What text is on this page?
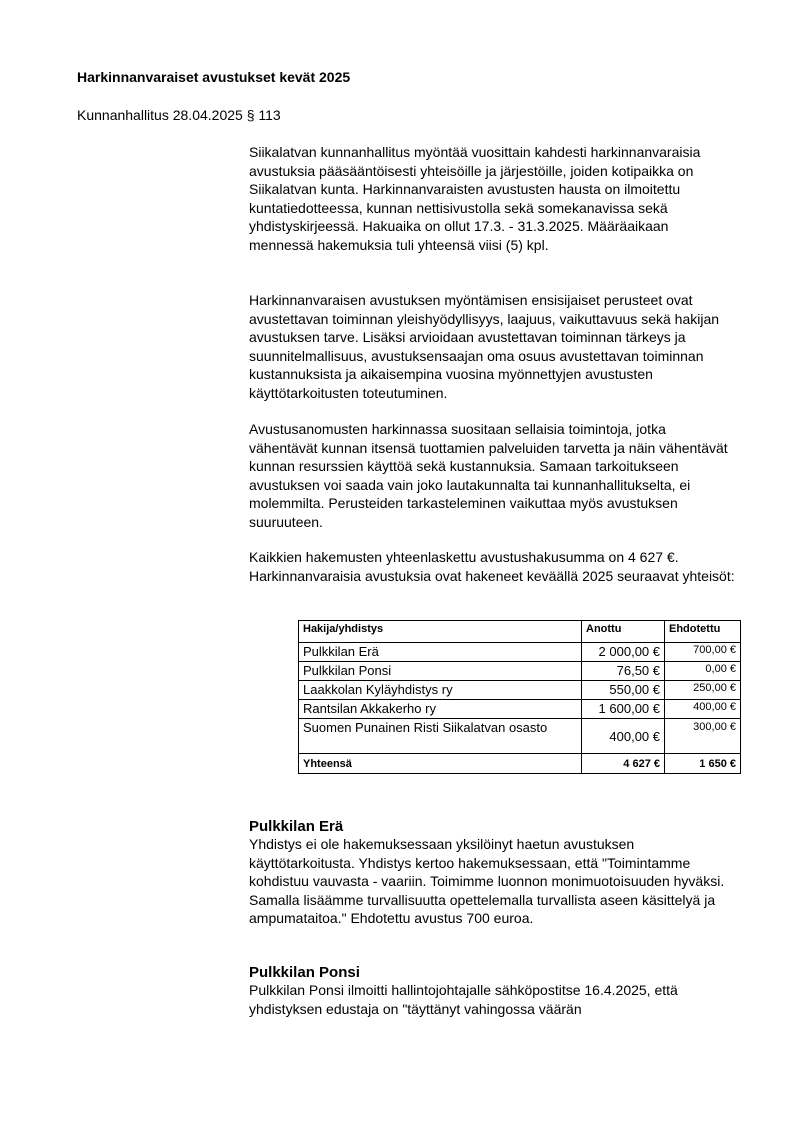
Harkinnanvaraiset avustukset kevät 2025
Kunnanhallitus 28.04.2025 § 113

Siikalatvan kunnanhallitus myöntää vuosittain kahdesti harkinnanvaraisia avustuksia pääsääntöisesti yhteisöille ja järjestöille, joiden kotipaikka on Siikalatvan kunta. Harkinnanvaraisten avustusten hausta on ilmoitettu kuntatiedotteessa, kunnan nettisivustolla sekä somekanavissa sekä yhdistyskirjeessä. Hakuaika on ollut 17.3. - 31.3.2025. Määräaikaan mennessä hakemuksia tuli yhteensä viisi (5) kpl.

Harkinnanvaraisen avustuksen myöntämisen ensisijaiset perusteet ovat avustettavan toiminnan yleishyödyllisyys, laajuus, vaikuttavuus sekä hakijan avustuksen tarve. Lisäksi arvioidaan avustettavan toiminnan tärkeys ja suunnitelmallisuus, avustuksensaajan oma osuus avustettavan toiminnan kustannuksista ja aikaisempina vuosina myönnettyjen avustusten käyttötarkoitusten toteutuminen.

Avustusanomusten harkinnassa suositaan sellaisia toimintoja, jotka vähentävät kunnan itsensä tuottamien palveluiden tarvetta ja näin vähentävät kunnan resurssien käyttöä sekä kustannuksia. Samaan tarkoitukseen avustuksen voi saada vain joko lautakunnalta tai kunnanhallitukselta, ei molemmilta. Perusteiden tarkasteleminen vaikuttaa myös avustuksen suuruuteen.

Kaikkien hakemusten yhteenlaskettu avustushakusumma on 4 627 €. Harkinnanvaraisia avustuksia ovat hakeneet keväällä 2025 seuraavat yhteisöt:

Hakija/yhdistys	Anottu	Ehdotettu
Pulkkilan Erä	2 000,00 €	700,00 €
Pulkkilan Ponsi	76,50 €	0,00 €
Laakkolan Kyläyhdistys ry	550,00 €	250,00 €
Rantsilan Akkakerho ry	1 600,00 €	400,00 €
Suomen Punainen Risti Siikalatvan osasto	400,00 €	300,00 €
Yhteensä	4 627 €	1 650 €
Pulkkilan Erä

Yhdistys ei ole hakemuksessaan yksilöinyt haetun avustuksen käyttötarkoitusta. Yhdistys kertoo hakemuksessaan, että "Toimintamme kohdistuu vauvasta - vaariin. Toimimme luonnon monimuotoisuuden hyväksi. Samalla lisäämme turvallisuutta opettelemalla turvallista aseen käsittelyä ja ampumataitoa." Ehdotettu avustus 700 euroa.

Pulkkilan Ponsi

Pulkkilan Ponsi ilmoitti hallintojohtajalle sähköpostitse 16.4.2025, että yhdistyksen edustaja on "täyttänyt vahingossa väärän
